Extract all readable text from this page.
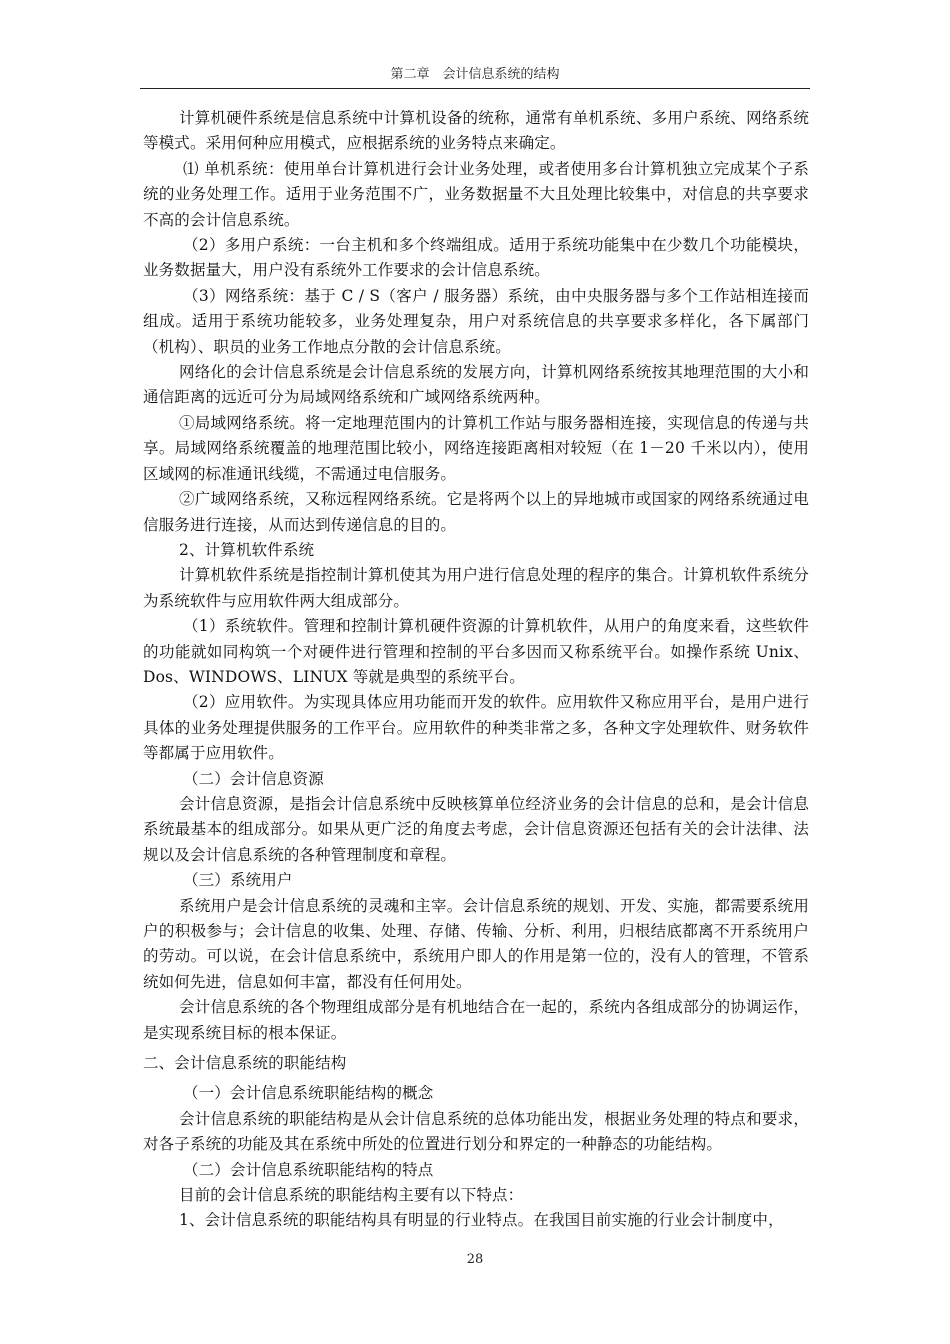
第二章　会计信息系统的结构

计算机硬件系统是信息系统中计算机设备的统称，通常有单机系统、多用户系统、网络系统等模式。采用何种应用模式，应根据系统的业务特点来确定。

⑴ 单机系统：使用单台计算机进行会计业务处理，或者使用多台计算机独立完成某个子系统的业务处理工作。适用于业务范围不广，业务数据量不大且处理比较集中，对信息的共享要求不高的会计信息系统。

（2）多用户系统：一台主机和多个终端组成。适用于系统功能集中在少数几个功能模块，业务数据量大，用户没有系统外工作要求的会计信息系统。

（3）网络系统：基于 C / S（客户 / 服务器）系统，由中央服务器与多个工作站相连接而组成。适用于系统功能较多，业务处理复杂，用户对系统信息的共享要求多样化，各下属部门（机构）、职员的业务工作地点分散的会计信息系统。

网络化的会计信息系统是会计信息系统的发展方向，计算机网络系统按其地理范围的大小和通信距离的远近可分为局域网络系统和广域网络系统两种。

①局域网络系统。将一定地理范围内的计算机工作站与服务器相连接，实现信息的传递与共享。局域网络系统覆盖的地理范围比较小，网络连接距离相对较短（在 1－20 千米以内），使用区域网的标准通讯线缆，不需通过电信服务。

②广域网络系统，又称远程网络系统。它是将两个以上的异地城市或国家的网络系统通过电信服务进行连接，从而达到传递信息的目的。

2、计算机软件系统

计算机软件系统是指控制计算机使其为用户进行信息处理的程序的集合。计算机软件系统分为系统软件与应用软件两大组成部分。

（1）系统软件。管理和控制计算机硬件资源的计算机软件，从用户的角度来看，这些软件的功能就如同构筑一个对硬件进行管理和控制的平台多因而又称系统平台。如操作系统 Unix、Dos、WINDOWS、LINUX 等就是典型的系统平台。

（2）应用软件。为实现具体应用功能而开发的软件。应用软件又称应用平台，是用户进行具体的业务处理提供服务的工作平台。应用软件的种类非常之多，各种文字处理软件、财务软件等都属于应用软件。

（二）会计信息资源

会计信息资源，是指会计信息系统中反映核算单位经济业务的会计信息的总和，是会计信息系统最基本的组成部分。如果从更广泛的角度去考虑，会计信息资源还包括有关的会计法律、法规以及会计信息系统的各种管理制度和章程。

（三）系统用户

系统用户是会计信息系统的灵魂和主宰。会计信息系统的规划、开发、实施，都需要系统用户的积极参与；会计信息的收集、处理、存储、传输、分析、利用，归根结底都离不开系统用户的劳动。可以说，在会计信息系统中，系统用户即人的作用是第一位的，没有人的管理，不管系统如何先进，信息如何丰富，都没有任何用处。

会计信息系统的各个物理组成部分是有机地结合在一起的，系统内各组成部分的协调运作，是实现系统目标的根本保证。

二、会计信息系统的职能结构

（一）会计信息系统职能结构的概念

会计信息系统的职能结构是从会计信息系统的总体功能出发，根据业务处理的特点和要求，对各子系统的功能及其在系统中所处的位置进行划分和界定的一种静态的功能结构。

（二）会计信息系统职能结构的特点

目前的会计信息系统的职能结构主要有以下特点：

1、会计信息系统的职能结构具有明显的行业特点。在我国目前实施的行业会计制度中，

28
